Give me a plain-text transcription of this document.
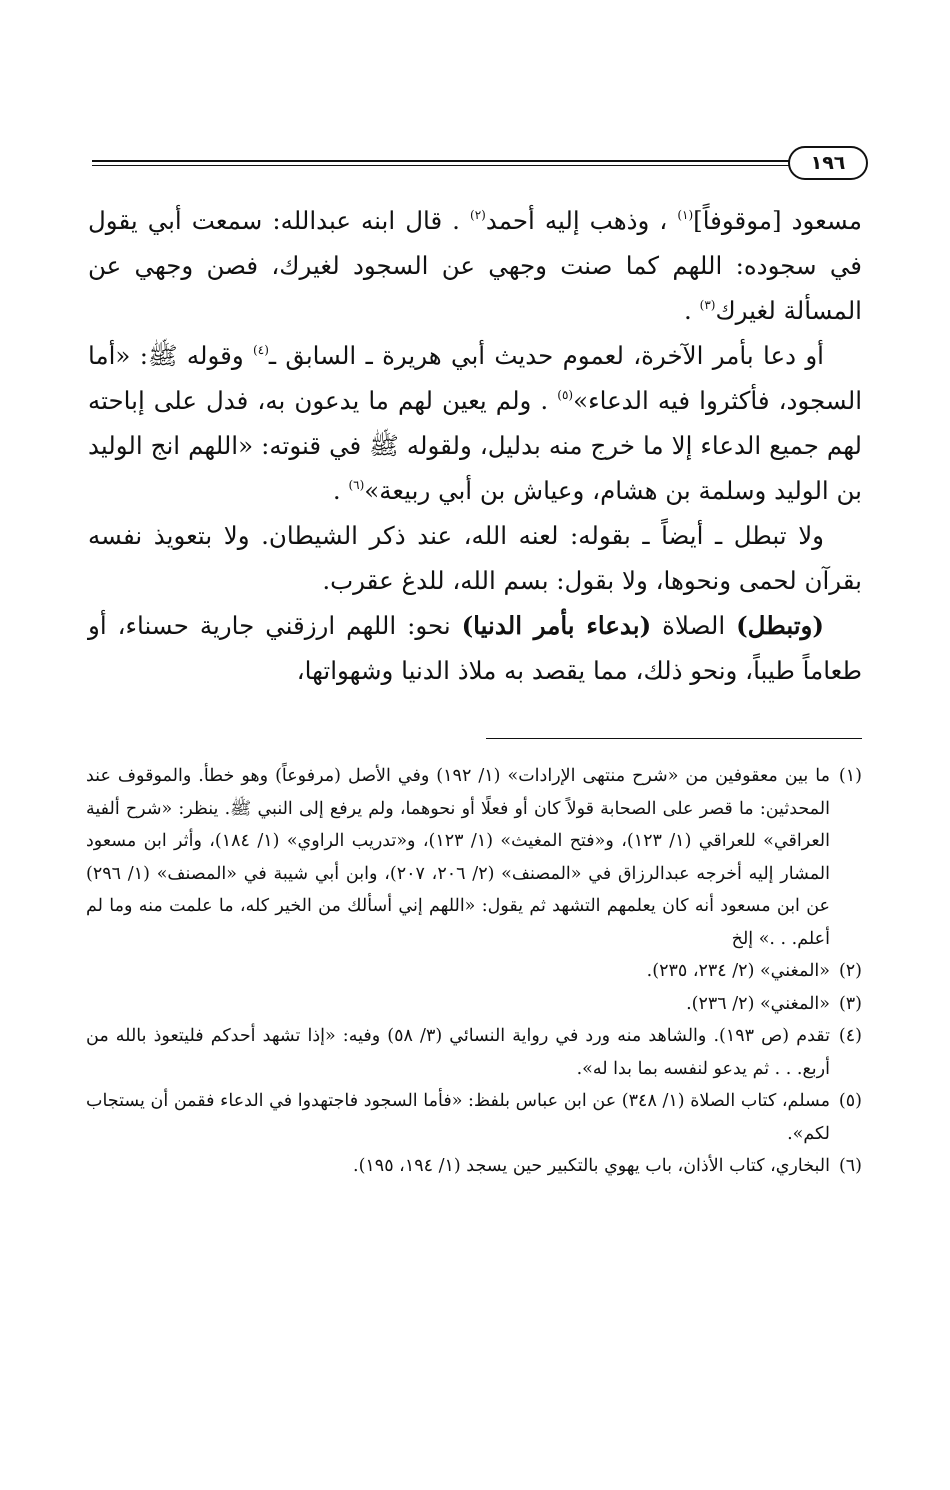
١٩٦

مسعود [موقوفاً]$^{(١)}$ ، وذهب إليه أحمد$^{(٢)}$ . قال ابنه عبدالله: سمعت أبي يقول في سجوده: اللهم كما صنت وجهي عن السجود لغيرك، فصن وجهي عن المسألة لغيرك$^{(٣)}$ .

أو دعا بأمر الآخرة، لعموم حديث أبي هريرة ـ السابق ـ$^{(٤)}$ وقوله ﷺ: «أما السجود، فأكثروا فيه الدعاء»$^{(٥)}$ . ولم يعين لهم ما يدعون به، فدل على إباحته لهم جميع الدعاء إلا ما خرج منه بدليل، ولقوله ﷺ في قنوته: «اللهم انج الوليد بن الوليد وسلمة بن هشام، وعياش بن أبي ربيعة»$^{(٦)}$ .

ولا تبطل ـ أيضاً ـ بقوله: لعنه الله، عند ذكر الشيطان. ولا بتعويذ نفسه بقرآن لحمى ونحوها، ولا بقول: بسم الله، للدغ عقرب.

(وتبطل) الصلاة (بدعاء بأمر الدنيا) نحو: اللهم ارزقني جارية حسناء، أو طعاماً طيباً، ونحو ذلك، مما يقصد به ملاذ الدنيا وشهواتها،

(١)ما بين معقوفين من «شرح منتهى الإرادات» (١/ ١٩٢) وفي الأصل (مرفوعاً) وهو خطأ. والموقوف عند المحدثين: ما قصر على الصحابة قولاً كان أو فعلًا أو نحوهما، ولم يرفع إلى النبي ﷺ. ينظر: «شرح ألفية العراقي» للعراقي (١/ ١٢٣)، و«فتح المغيث» (١/ ١٢٣)، و«تدريب الراوي» (١/ ١٨٤)، وأثر ابن مسعود المشار إليه أخرجه عبدالرزاق في «المصنف» (٢/ ٢٠٦، ٢٠٧)، وابن أبي شيبة في «المصنف» (١/ ٢٩٦) عن ابن مسعود أنه كان يعلمهم التشهد ثم يقول: «اللهم إني أسألك من الخير كله، ما علمت منه وما لم أعلم. . .» إلخ

(٢)«المغني» (٢/ ٢٣٤، ٢٣٥).

(٣)«المغني» (٢/ ٢٣٦).

(٤)تقدم (ص ١٩٣). والشاهد منه ورد في رواية النسائي (٣/ ٥٨) وفيه: «إذا تشهد أحدكم فليتعوذ بالله من أربع. . . ثم يدعو لنفسه بما بدا له».

(٥)مسلم، كتاب الصلاة (١/ ٣٤٨) عن ابن عباس بلفظ: «فأما السجود فاجتهدوا في الدعاء فقمن أن يستجاب لكم».

(٦)البخاري، كتاب الأذان، باب يهوي بالتكبير حين يسجد (١/ ١٩٤، ١٩٥).
